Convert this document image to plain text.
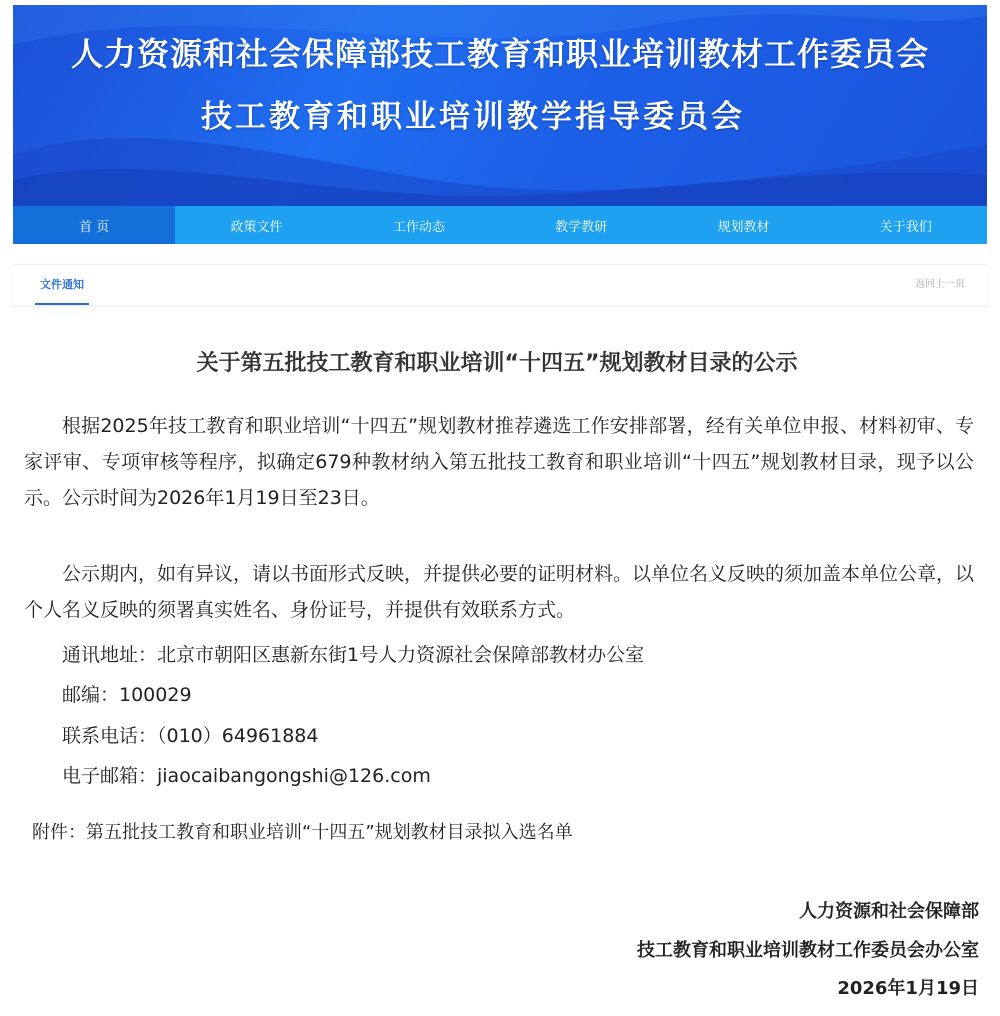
人力资源和社会保障部技工教育和职业培训教材工作委员会
技工教育和职业培训教学指导委员会
首 页	政策文件	工作动态	教学教研	规划教材	关于我们
文件通知	返回上一页
关于第五批技工教育和职业培训“十四五”规划教材目录的公示

根据2025年技工教育和职业培训“十四五”规划教材推荐遴选工作安排部署，经有关单位申报、材料初审、专家评审、专项审核等程序，拟确定679种教材纳入第五批技工教育和职业培训“十四五”规划教材目录，现予以公示。公示时间为2026年1月19日至23日。

公示期内，如有异议，请以书面形式反映，并提供必要的证明材料。以单位名义反映的须加盖本单位公章，以个人名义反映的须署真实姓名、身份证号，并提供有效联系方式。

通讯地址：北京市朝阳区惠新东街1号人力资源社会保障部教材办公室
邮编：100029
联系电话：（010）64961884
电子邮箱：jiaocaibangongshi@126.com
附件：第五批技工教育和职业培训“十四五”规划教材目录拟入选名单
人力资源和社会保障部
技工教育和职业培训教材工作委员会办公室
2026年1月19日
